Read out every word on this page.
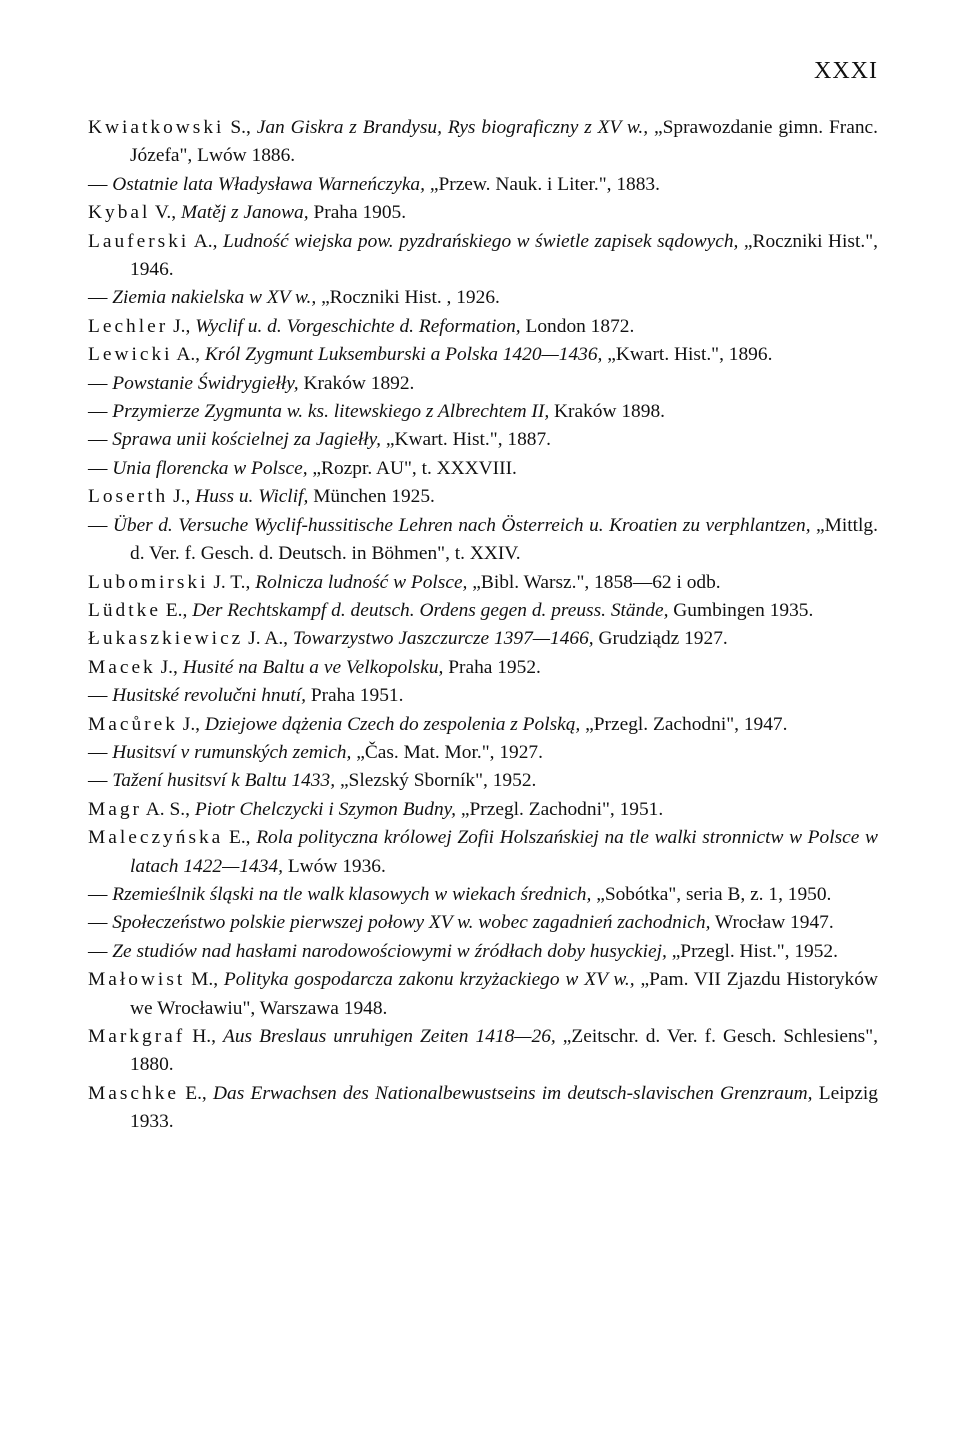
XXXI

Kwiatkowski S., Jan Giskra z Brandysu, Rys biograficzny z XV w., „Sprawozdanie gimn. Franc. Józefa", Lwów 1886.

— Ostatnie lata Władysława Warneńczyka, „Przew. Nauk. i Liter.", 1883.

Kybal V., Matěj z Janowa, Praha 1905.

Lauferski A., Ludność wiejska pow. pyzdrańskiego w świetle zapisek sądowych, „Roczniki Hist.", 1946.

— Ziemia nakielska w XV w., „Roczniki Hist. , 1926.

Lechler J., Wyclif u. d. Vorgeschichte d. Reformation, London 1872.

Lewicki A., Król Zygmunt Luksemburski a Polska 1420—1436, „Kwart. Hist.", 1896.

— Powstanie Świdrygiełły, Kraków 1892.

— Przymierze Zygmunta w. ks. litewskiego z Albrechtem II, Kraków 1898.

— Sprawa unii kościelnej za Jagiełły, „Kwart. Hist.", 1887.

— Unia florencka w Polsce, „Rozpr. AU", t. XXXVIII.

Loserth J., Huss u. Wiclif, München 1925.

— Über d. Versuche Wyclif-hussitische Lehren nach Österreich u. Kroatien zu verphlantzen, „Mittlg. d. Ver. f. Gesch. d. Deutsch. in Böhmen", t. XXIV.

Lubomirski J. T., Rolnicza ludność w Polsce, „Bibl. Warsz.", 1858—62 i odb.

Lüdtke E., Der Rechtskampf d. deutsch. Ordens gegen d. preuss. Stände, Gumbingen 1935.

Łukaszkiewicz J. A., Towarzystwo Jaszczurcze 1397—1466, Grudziądz 1927.

Macek J., Husité na Baltu a ve Velkopolsku, Praha 1952.

— Husitské revolučni hnutí, Praha 1951.

Macůrek J., Dziejowe dążenia Czech do zespolenia z Polską, „Przegl. Zachodni", 1947.

— Husitsví v rumunských zemich, „Čas. Mat. Mor.", 1927.

— Tažení husitsví k Baltu 1433, „Slezský Sborník", 1952.

Magr A. S., Piotr Chelczycki i Szymon Budny, „Przegl. Zachodni", 1951.

Maleczyńska E., Rola polityczna królowej Zofii Holszańskiej na tle walki stronnictw w Polsce w latach 1422—1434, Lwów 1936.

— Rzemieślnik śląski na tle walk klasowych w wiekach średnich, „Sobótka", seria B, z. 1, 1950.

— Społeczeństwo polskie pierwszej połowy XV w. wobec zagadnień zachodnich, Wrocław 1947.

— Ze studiów nad hasłami narodowościowymi w źródłach doby husyckiej, „Przegl. Hist.", 1952.

Małowist M., Polityka gospodarcza zakonu krzyżackiego w XV w., „Pam. VII Zjazdu Historyków we Wrocławiu", Warszawa 1948.

Markgraf H., Aus Breslaus unruhigen Zeiten 1418—26, „Zeitschr. d. Ver. f. Gesch. Schlesiens", 1880.

Maschke E., Das Erwachsen des Nationalbewustseins im deutsch-slavischen Grenzraum, Leipzig 1933.
